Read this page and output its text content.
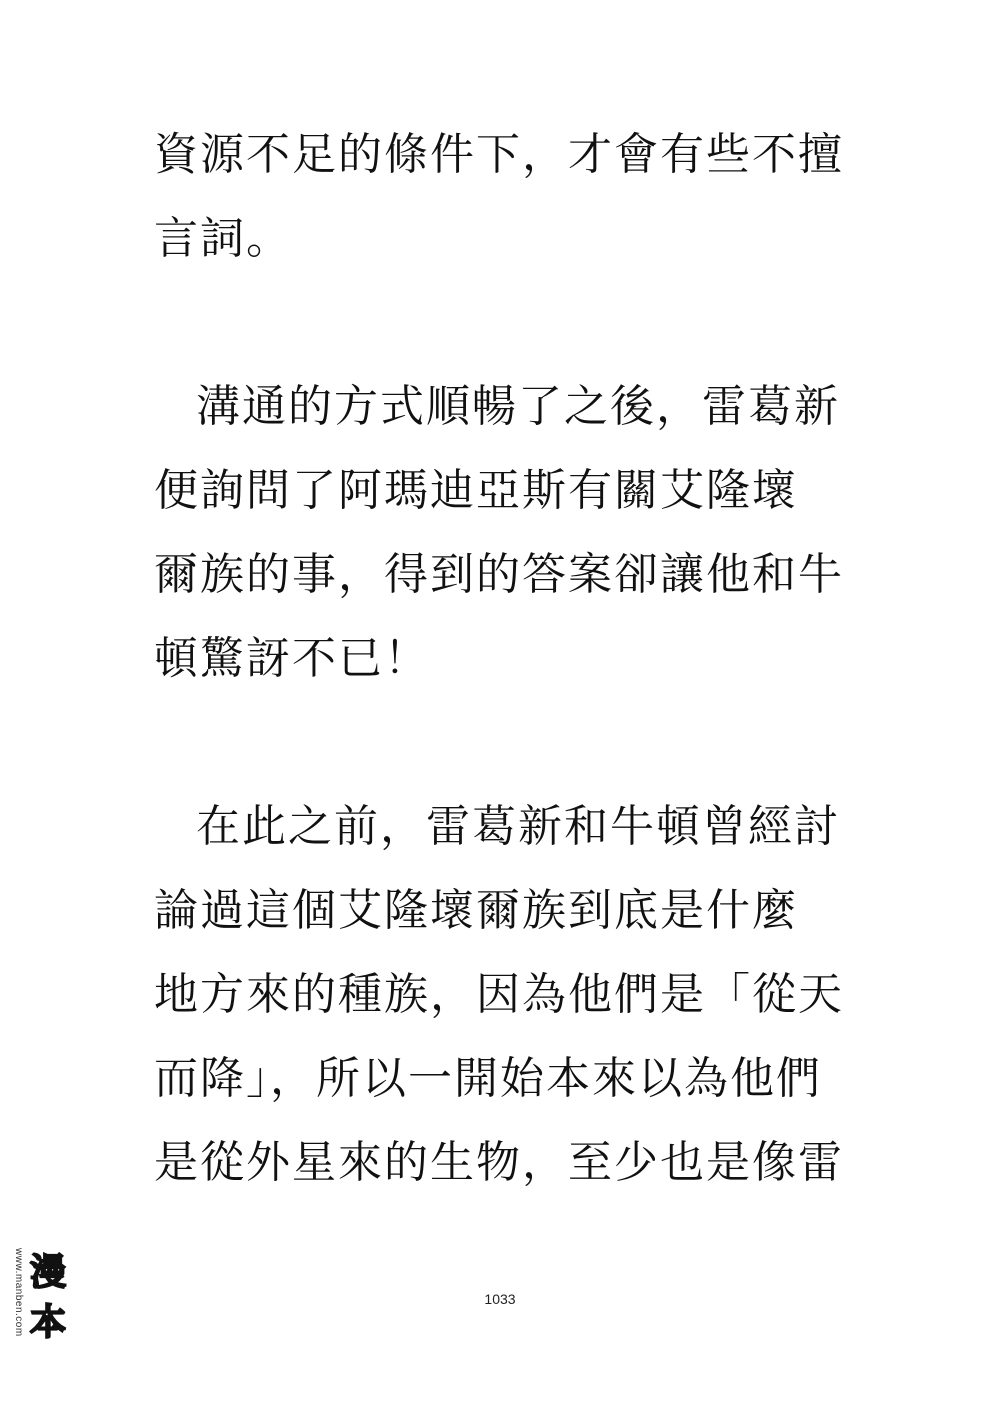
資源不足的條件下，才會有些不擅
言詞。
溝通的方式順暢了之後，雷葛新
便詢問了阿瑪迪亞斯有關艾隆壞
爾族的事，得到的答案卻讓他和牛
頓驚訝不已！
在此之前，雷葛新和牛頓曾經討
論過這個艾隆壞爾族到底是什麼
地方來的種族，因為他們是「從天
而降」，所以一開始本來以為他們
是從外星來的生物，至少也是像雷
1033
www.manben.com 漫
本
